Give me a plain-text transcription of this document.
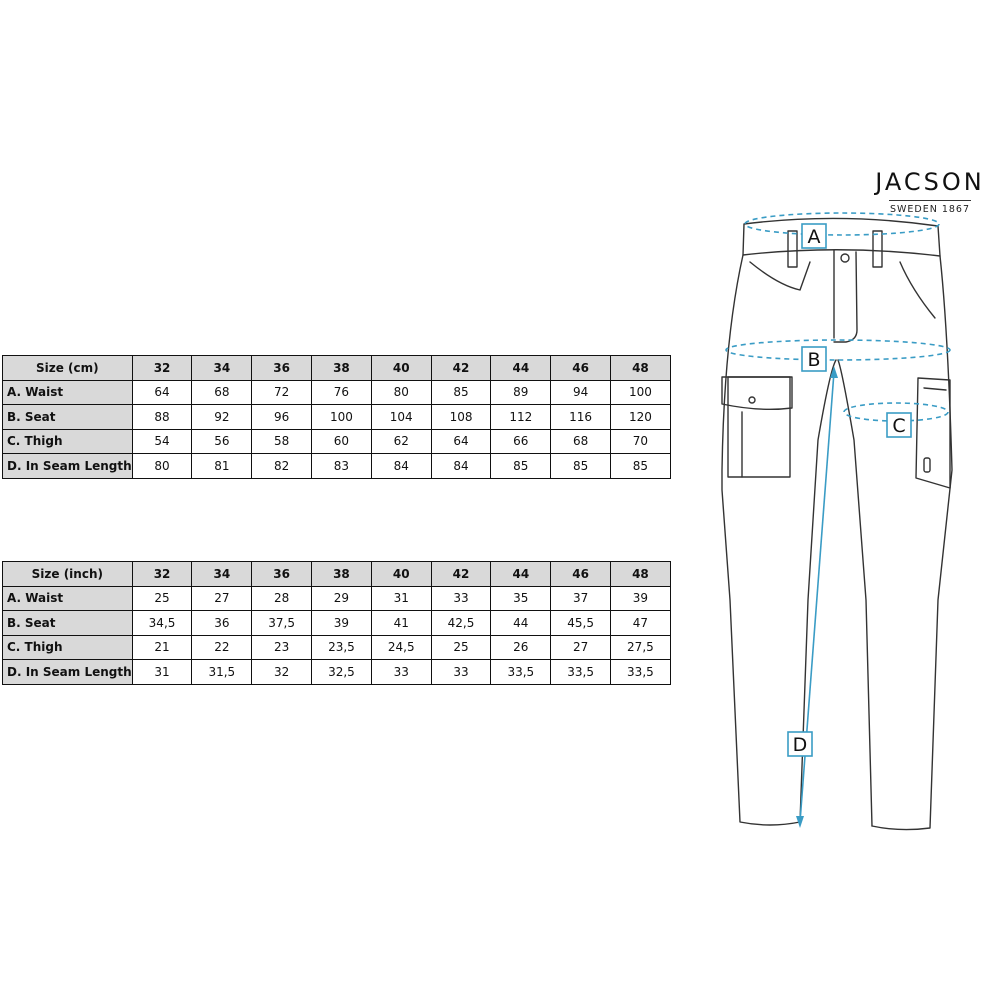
JACSON
SWEDEN 1867
Size (cm)	32	34	36	38	40	42	44	46	48
A. Waist	64	68	72	76	80	85	89	94	100
B. Seat	88	92	96	100	104	108	112	116	120
C. Thigh	54	56	58	60	62	64	66	68	70
D. In Seam Length	80	81	82	83	84	84	85	85	85
Size (inch)	32	34	36	38	40	42	44	46	48
A. Waist	25	27	28	29	31	33	35	37	39
B. Seat	34,5	36	37,5	39	41	42,5	44	45,5	47
C. Thigh	21	22	23	23,5	24,5	25	26	27	27,5
D. In Seam Length	31	31,5	32	32,5	33	33	33,5	33,5	33,5
A
B
C
D
